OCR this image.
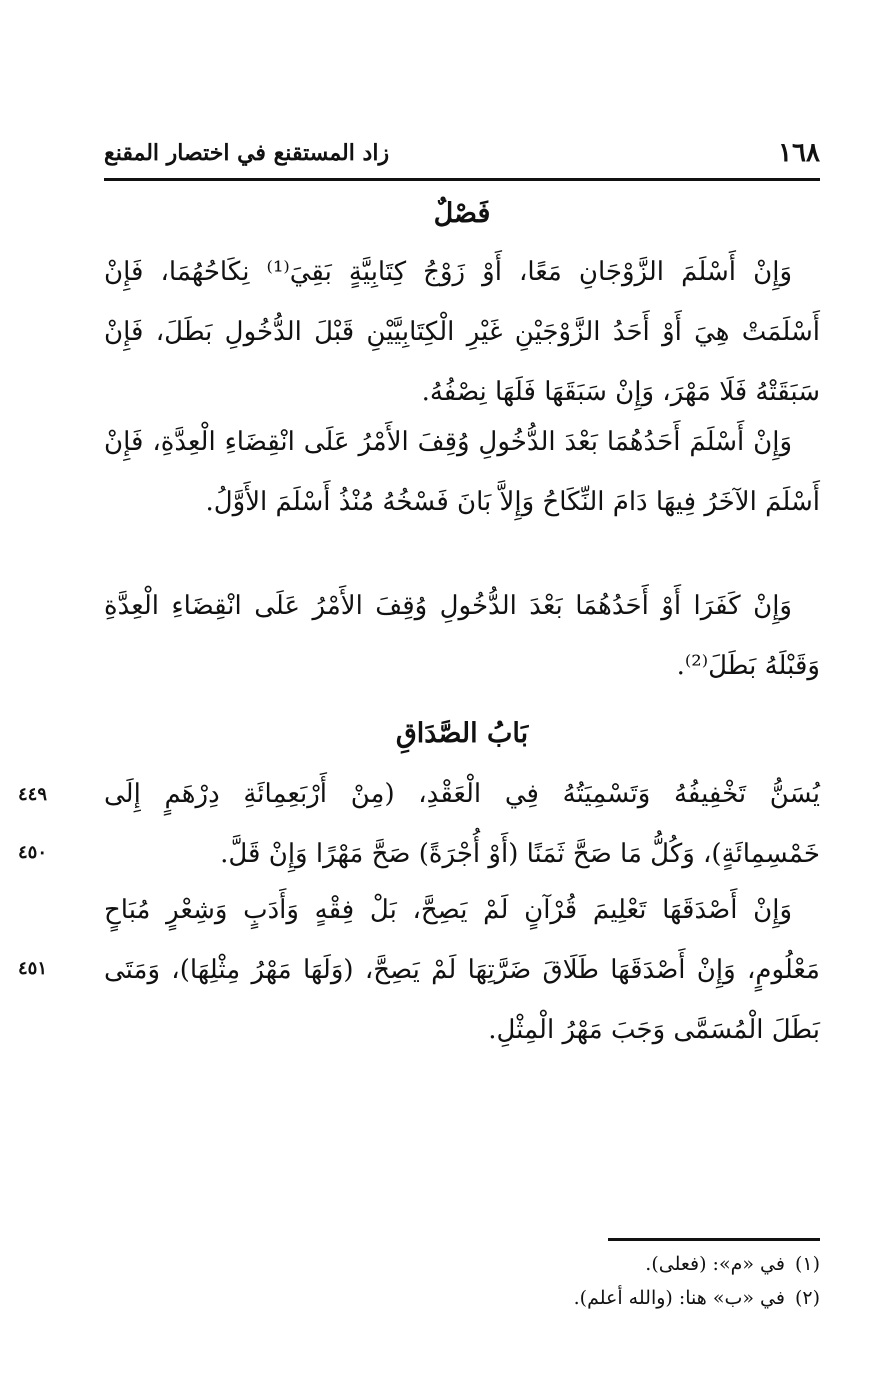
١٦٨
زاد المستقنع في اختصار المقنع
فَصْلٌ
وَإِنْ أَسْلَمَ الزَّوْجَانِ مَعًا، أَوْ زَوْجُ كِتَابِيَّةٍ بَقِيَ⁽¹⁾ نِكَاحُهُمَا، فَإِنْ أَسْلَمَتْ هِيَ أَوْ أَحَدُ الزَّوْجَيْنِ غَيْرِ الْكِتَابِيَّيْنِ قَبْلَ الدُّخُولِ بَطَلَ، فَإِنْ سَبَقَتْهُ فَلَا مَهْرَ، وَإِنْ سَبَقَهَا فَلَهَا نِصْفُهُ.
وَإِنْ أَسْلَمَ أَحَدُهُمَا بَعْدَ الدُّخُولِ وُقِفَ الأَمْرُ عَلَى انْقِضَاءِ الْعِدَّةِ، فَإِنْ أَسْلَمَ الآخَرُ فِيهَا دَامَ النِّكَاحُ وَإِلاَّ بَانَ فَسْخُهُ مُنْذُ أَسْلَمَ الأَوَّلُ.
وَإِنْ كَفَرَا أَوْ أَحَدُهُمَا بَعْدَ الدُّخُولِ وُقِفَ الأَمْرُ عَلَى انْقِضَاءِ الْعِدَّةِ وَقَبْلَهُ بَطَلَ⁽²⁾.
بَابُ الصَّدَاقِ
يُسَنُّ تَخْفِيفُهُ وَتَسْمِيَتُهُ فِي الْعَقْدِ، (مِنْ أَرْبَعِمِائَةِ دِرْهَمٍ إِلَى خَمْسِمِائَةٍ)، وَكُلُّ مَا صَحَّ ثَمَنًا (أَوْ أُجْرَةً) صَحَّ مَهْرًا وَإِنْ قَلَّ.
وَإِنْ أَصْدَقَهَا تَعْلِيمَ قُرْآنٍ لَمْ يَصِحَّ، بَلْ فِقْهٍ وَأَدَبٍ وَشِعْرٍ مُبَاحٍ مَعْلُومٍ، وَإِنْ أَصْدَقَهَا طَلَاقَ ضَرَّتِهَا لَمْ يَصِحَّ، (وَلَهَا مَهْرُ مِثْلِهَا)، وَمَتَى بَطَلَ الْمُسَمَّى وَجَبَ مَهْرُ الْمِثْلِ.
٤٤٩
٤٥٠
٤٥١
(١)في «م»: (فعلى).
(٢)في «ب» هنا: (والله أعلم).
